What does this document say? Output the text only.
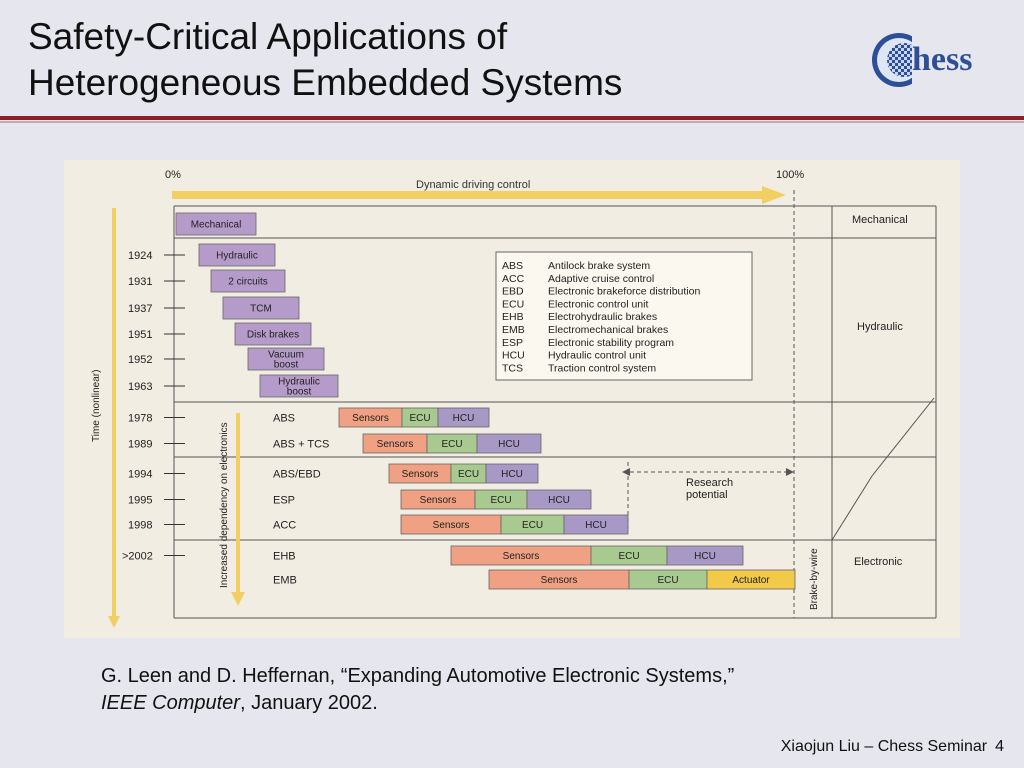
Safety-Critical Applications of
Heterogeneous Embedded Systems
hess
0%	100%
Dynamic driving control
Mechanical
Hydraulic
Electronic
Brake-by-wire
Time (nonlinear)
Increased dependency on electronics
ABS Antilock brake system
ACC Adaptive cruise control
EBD Electronic brakeforce distribution
ECU Electronic control unit
EHB Electrohydraulic brakes
EMB Electromechanical brakes
ESP Electronic stability program
HCU Hydraulic control unit
TCS Traction control system
Research
potential
Mechanical
1924	Hydraulic
1931	2 circuits
1937	TCM
1951	Disk brakes
1952	Vacuum
boost
1963	Hydraulic
boost
1978	ABS	Sensors ECU HCU
1989	ABS + TCS	Sensors	ECU	HCU
1994	ABS/EBD	Sensors ECU HCU
1995	ESP	Sensors	ECU	HCU
1998	ACC	Sensors	ECU	HCU
>2002	EHB	Sensors	ECU	HCU
EMB	Sensors	ECU	Actuator
G. Leen and D. Heffernan, “Expanding Automotive Electronic Systems,”
IEEE Computer, January 2002.
Xiaojun Liu – Chess Seminar 4
